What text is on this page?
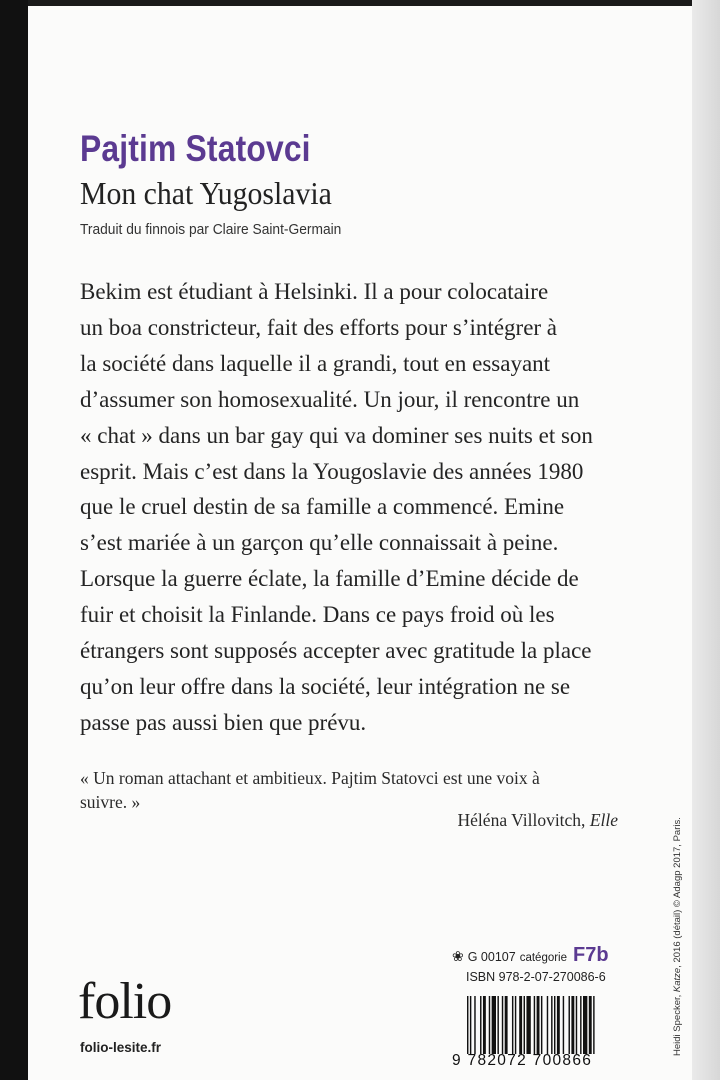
Pajtim Statovci
Mon chat Yugoslavia
Traduit du finnois par Claire Saint-Germain
Bekim est étudiant à Helsinki. Il a pour colocataire
un boa constricteur, fait des efforts pour s’intégrer à
la société dans laquelle il a grandi, tout en essayant
d’assumer son homosexualité. Un jour, il rencontre un
« chat » dans un bar gay qui va dominer ses nuits et son
esprit. Mais c’est dans la Yougoslavie des années 1980
que le cruel destin de sa famille a commencé. Emine
s’est mariée à un garçon qu’elle connaissait à peine.
Lorsque la guerre éclate, la famille d’Emine décide de
fuir et choisit la Finlande. Dans ce pays froid où les
étrangers sont supposés accepter avec gratitude la place
qu’on leur offre dans la société, leur intégration ne se
passe pas aussi bien que prévu.
« Un roman attachant et ambitieux. Pajtim Statovci est une voix à
suivre. »
Héléna Villovitch, Elle
folio
folio-lesite.fr
❀ G 00107 catégorie F7b
ISBN 978-2-07-270086-6
9 782072 700866
Heidi Specker, Katze, 2016 (détail) © Adagp 2017, Paris.
